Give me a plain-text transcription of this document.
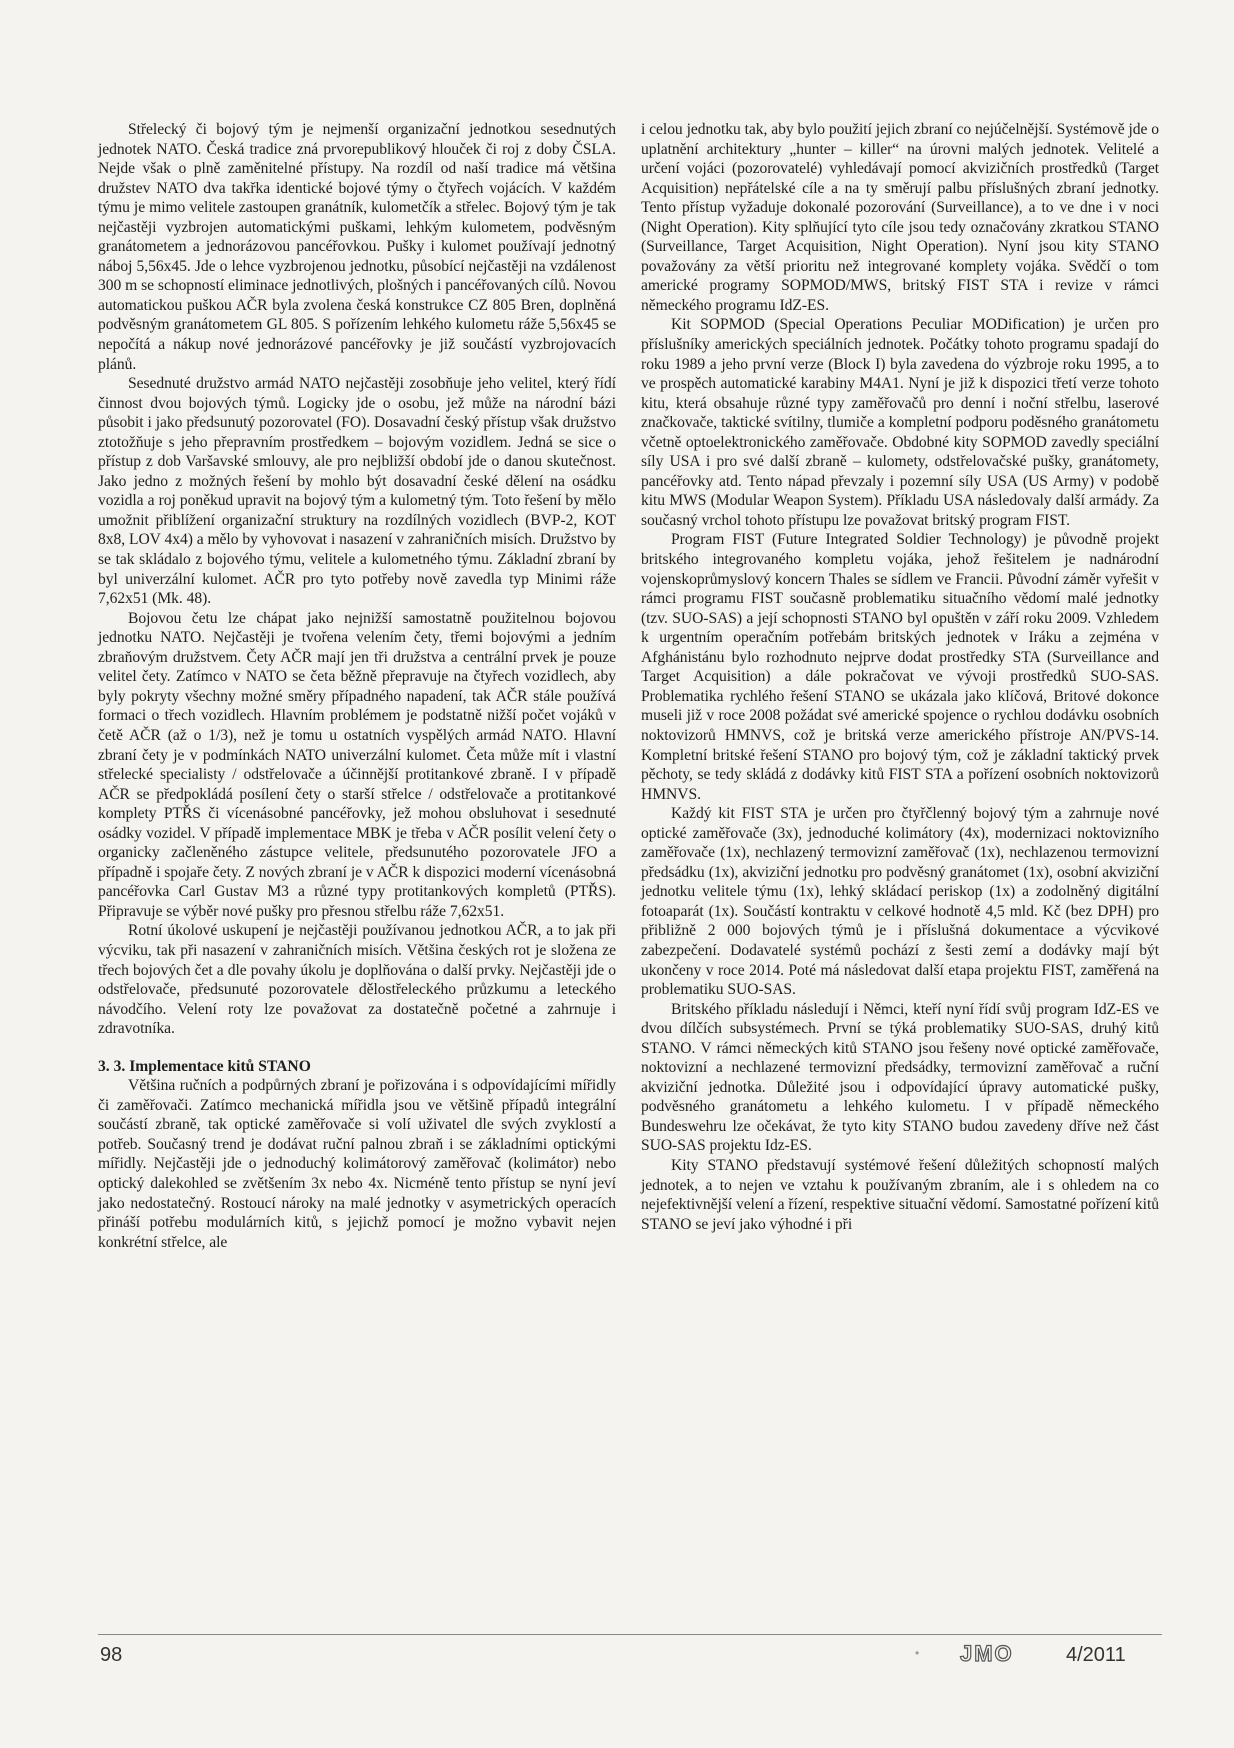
Střelecký či bojový tým je nejmenší organizační jednotkou sesednutých jednotek NATO. Česká tradice zná prvorepublikový hlouček či roj z doby ČSLA. Nejde však o plně zaměnitelné přístupy. Na rozdíl od naší tradice má většina družstev NATO dva takřka identické bojové týmy o čtyřech vojácích. V každém týmu je mimo velitele zastoupen granátník, kulometčík a střelec. Bojový tým je tak nejčastěji vyzbrojen automatickými puškami, lehkým kulometem, podvěsným granátometem a jednorázovou pancéřovkou. Pušky i kulomet používají jednotný náboj 5,56x45. Jde o lehce vyzbrojenou jednotku, působící nejčastěji na vzdálenost 300 m se schopností eliminace jednotlivých, plošných i pancéřovaných cílů. Novou automatickou puškou AČR byla zvolena česká konstrukce CZ 805 Bren, doplněná podvěsným granátometem GL 805. S pořízením lehkého kulometu ráže 5,56x45 se nepočítá a nákup nové jednorázové pancéřovky je již součástí vyzbrojovacích plánů.

Sesednuté družstvo armád NATO nejčastěji zosobňuje jeho velitel, který řídí činnost dvou bojových týmů. Logicky jde o osobu, jež může na národní bázi působit i jako předsunutý pozorovatel (FO). Dosavadní český přístup však družstvo ztotožňuje s jeho přepravním prostředkem – bojovým vozidlem. Jedná se sice o přístup z dob Varšavské smlouvy, ale pro nejbližší období jde o danou skutečnost. Jako jedno z možných řešení by mohlo být dosavadní české dělení na osádku vozidla a roj poněkud upravit na bojový tým a kulometný tým. Toto řešení by mělo umožnit přiblížení organizační struktury na rozdílných vozidlech (BVP-2, KOT 8x8, LOV 4x4) a mělo by vyhovovat i nasazení v zahraničních misích. Družstvo by se tak skládalo z bojového týmu, velitele a kulometného týmu. Základní zbraní by byl univerzální kulomet. AČR pro tyto potřeby nově zavedla typ Minimi ráže 7,62x51 (Mk. 48).

Bojovou četu lze chápat jako nejnižší samostatně použitelnou bojovou jednotku NATO. Nejčastěji je tvořena velením čety, třemi bojovými a jedním zbraňovým družstvem. Čety AČR mají jen tři družstva a centrální prvek je pouze velitel čety. Zatímco v NATO se četa běžně přepravuje na čtyřech vozidlech, aby byly pokryty všechny možné směry případného napadení, tak AČR stále používá formaci o třech vozidlech. Hlavním problémem je podstatně nižší počet vojáků v četě AČR (až o 1/3), než je tomu u ostatních vyspělých armád NATO. Hlavní zbraní čety je v podmínkách NATO univerzální kulomet. Četa může mít i vlastní střelecké specialisty / odstřelovače a účinnější protitankové zbraně. I v případě AČR se předpokládá posílení čety o starší střelce / odstřelovače a protitankové komplety PTŘS či vícenásobné pancéřovky, jež mohou obsluhovat i sesednuté osádky vozidel. V případě implementace MBK je třeba v AČR posílit velení čety o organicky začleněného zástupce velitele, předsunutého pozorovatele JFO a případně i spojaře čety. Z nových zbraní je v AČR k dispozici moderní vícenásobná pancéřovka Carl Gustav M3 a různé typy protitankových kompletů (PTŘS). Připravuje se výběr nové pušky pro přesnou střelbu ráže 7,62x51.

Rotní úkolové uskupení je nejčastěji používanou jednotkou AČR, a to jak při výcviku, tak při nasazení v zahraničních misích. Většina českých rot je složena ze třech bojových čet a dle povahy úkolu je doplňována o další prvky. Nejčastěji jde o odstřelovače, předsunuté pozorovatele dělostřeleckého průzkumu a leteckého návodčího. Velení roty lze považovat za dostatečně početné a zahrnuje i zdravotníka.

3. 3. Implementace kitů STANO

Většina ručních a podpůrných zbraní je pořizována i s odpovídajícími mířidly či zaměřovači. Zatímco mechanická mířidla jsou ve většině případů integrální součástí zbraně, tak optické zaměřovače si volí uživatel dle svých zvyklostí a potřeb. Současný trend je dodávat ruční palnou zbraň i se základními optickými mířidly. Nejčastěji jde o jednoduchý kolimátorový zaměřovač (kolimátor) nebo optický dalekohled se zvětšením 3x nebo 4x. Nicméně tento přístup se nyní jeví jako nedostatečný. Rostoucí nároky na malé jednotky v asymetrických operacích přináší potřebu modulárních kitů, s jejichž pomocí je možno vybavit nejen konkrétní střelce, ale

i celou jednotku tak, aby bylo použití jejich zbraní co nejúčelnější. Systémově jde o uplatnění architektury „hunter – killer“ na úrovni malých jednotek. Velitelé a určení vojáci (pozorovatelé) vyhledávají pomocí akvizičních prostředků (Target Acquisition) nepřátelské cíle a na ty směrují palbu příslušných zbraní jednotky. Tento přístup vyžaduje dokonalé pozorování (Surveillance), a to ve dne i v noci (Night Operation). Kity splňující tyto cíle jsou tedy označovány zkratkou STANO (Surveillance, Target Acquisition, Night Operation). Nyní jsou kity STANO považovány za větší prioritu než integrované komplety vojáka. Svědčí o tom americké programy SOPMOD/MWS, britský FIST STA i revize v rámci německého programu IdZ-ES.

Kit SOPMOD (Special Operations Peculiar MODification) je určen pro příslušníky amerických speciálních jednotek. Počátky tohoto programu spadají do roku 1989 a jeho první verze (Block I) byla zavedena do výzbroje roku 1995, a to ve prospěch automatické karabiny M4A1. Nyní je již k dispozici třetí verze tohoto kitu, která obsahuje různé typy zaměřovačů pro denní i noční střelbu, laserové značkovače, taktické svítilny, tlumiče a kompletní podporu poděsného granátometu včetně optoelektronického zaměřovače. Obdobné kity SOPMOD zavedly speciální síly USA i pro své další zbraně – kulomety, odstřelovačské pušky, granátomety, pancéřovky atd. Tento nápad převzaly i pozemní síly USA (US Army) v podobě kitu MWS (Modular Weapon System). Příkladu USA následovaly další armády. Za současný vrchol tohoto přístupu lze považovat britský program FIST.

Program FIST (Future Integrated Soldier Technology) je původně projekt britského integrovaného kompletu vojáka, jehož řešitelem je nadnárodní vojenskoprůmyslový koncern Thales se sídlem ve Francii. Původní záměr vyřešit v rámci programu FIST současně problematiku situačního vědomí malé jednotky (tzv. SUO-SAS) a její schopnosti STANO byl opuštěn v září roku 2009. Vzhledem k urgentním operačním potřebám britských jednotek v Iráku a zejména v Afghánistánu bylo rozhodnuto nejprve dodat prostředky STA (Surveillance and Target Acquisition) a dále pokračovat ve vývoji prostředků SUO-SAS. Problematika rychlého řešení STANO se ukázala jako klíčová, Britové dokonce museli již v roce 2008 požádat své americké spojence o rychlou dodávku osobních noktovizorů HMNVS, což je britská verze amerického přístroje AN/PVS-14. Kompletní britské řešení STANO pro bojový tým, což je základní taktický prvek pěchoty, se tedy skládá z dodávky kitů FIST STA a pořízení osobních noktovizorů HMNVS.

Každý kit FIST STA je určen pro čtyřčlenný bojový tým a zahrnuje nové optické zaměřovače (3x), jednoduché kolimátory (4x), modernizaci noktovizního zaměřovače (1x), nechlazený termovizní zaměřovač (1x), nechlazenou termovizní předsádku (1x), akviziční jednotku pro podvěsný granátomet (1x), osobní akviziční jednotku velitele týmu (1x), lehký skládací periskop (1x) a zodolněný digitální fotoaparát (1x). Součástí kontraktu v celkové hodnotě 4,5 mld. Kč (bez DPH) pro přibližně 2 000 bojových týmů je i příslušná dokumentace a výcvikové zabezpečení. Dodavatelé systémů pochází z šesti zemí a dodávky mají být ukončeny v roce 2014. Poté má následovat další etapa projektu FIST, zaměřená na problematiku SUO-SAS.

Britského příkladu následují i Němci, kteří nyní řídí svůj program IdZ-ES ve dvou dílčích subsystémech. První se týká problematiky SUO-SAS, druhý kitů STANO. V rámci německých kitů STANO jsou řešeny nové optické zaměřovače, noktovizní a nechlazené termovizní předsádky, termovizní zaměřovač a ruční akviziční jednotka. Důležité jsou i odpovídající úpravy automatické pušky, podvěsného granátometu a lehkého kulometu. I v případě německého Bundeswehru lze očekávat, že tyto kity STANO budou zavedeny dříve než část SUO-SAS projektu Idz-ES.

Kity STANO představují systémové řešení důležitých schopností malých jednotek, a to nejen ve vztahu k používaným zbraním, ale i s ohledem na co nejefektivnější velení a řízení, respektive situační vědomí. Samostatné pořízení kitů STANO se jeví jako výhodné i při

98	• JMO	4/2011
